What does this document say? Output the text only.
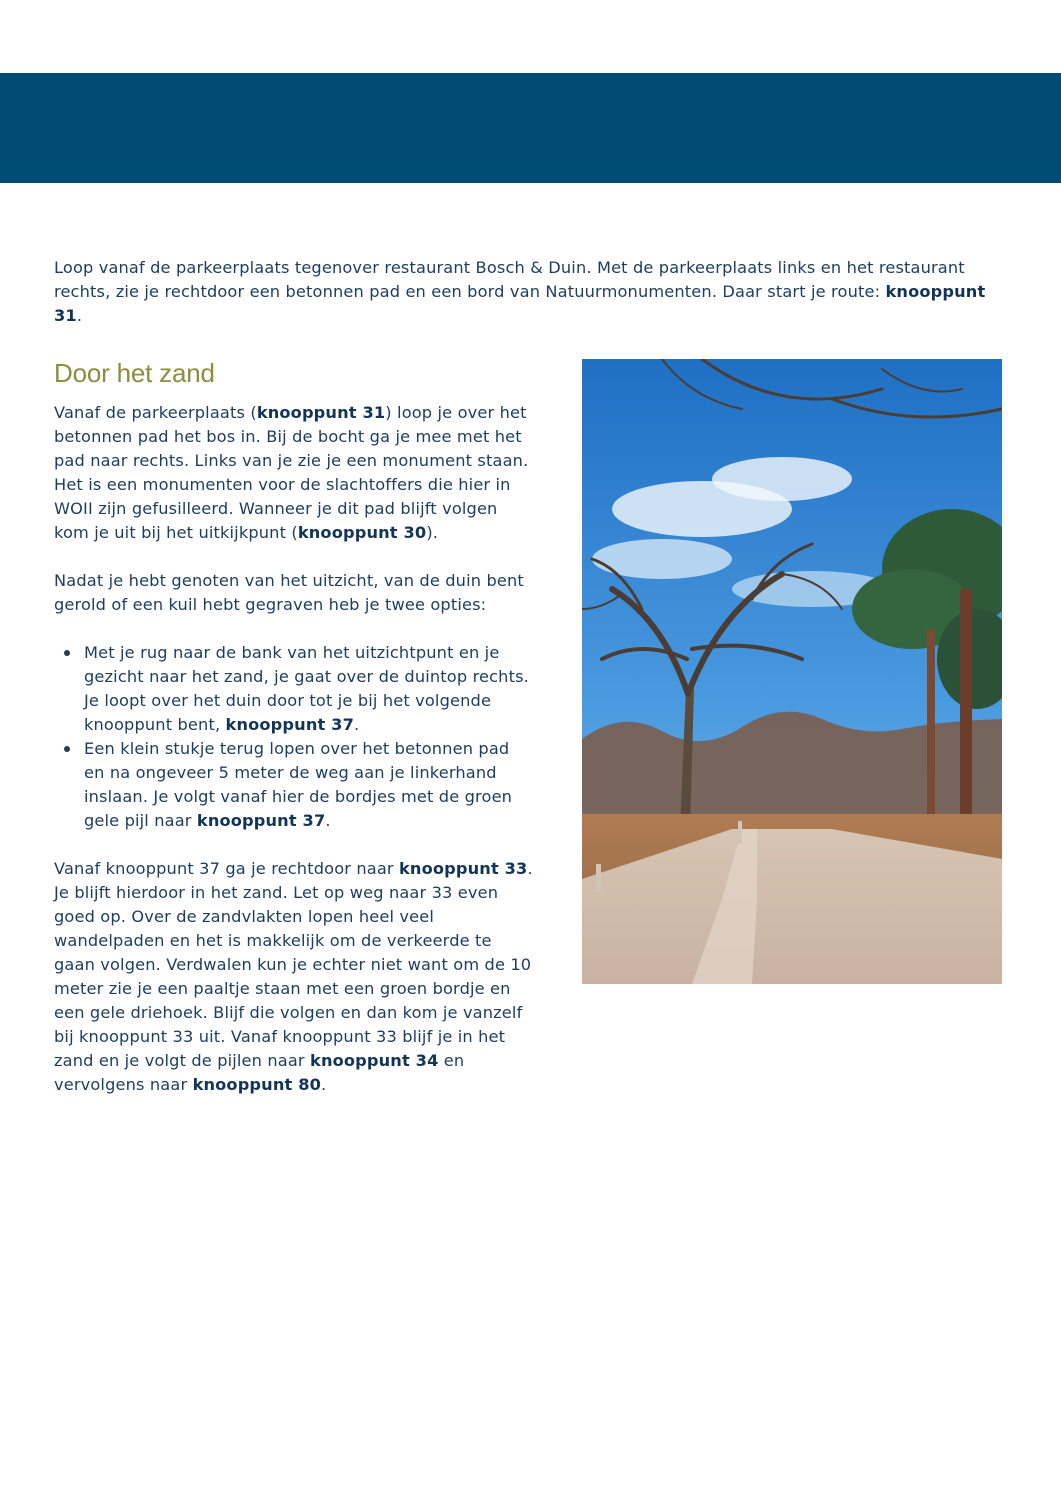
Loop vanaf de parkeerplaats tegenover restaurant Bosch & Duin. Met de parkeerplaats links en het restaurant rechts, zie je rechtdoor een betonnen pad en een bord van Natuurmonumenten. Daar start je route: knooppunt 31.

Door het zand

Vanaf de parkeerplaats (knooppunt 31) loop je over het betonnen pad het bos in. Bij de bocht ga je mee met het pad naar rechts. Links van je zie je een monument staan. Het is een monumenten voor de slachtoffers die hier in WOII zijn gefusilleerd. Wanneer je dit pad blijft volgen kom je uit bij het uitkijkpunt (knooppunt 30).

Nadat je hebt genoten van het uitzicht, van de duin bent gerold of een kuil hebt gegraven heb je twee opties:

Met je rug naar de bank van het uitzichtpunt en je gezicht naar het zand, je gaat over de duintop rechts. Je loopt over het duin door tot je bij het volgende knooppunt bent, knooppunt 37.
Een klein stukje terug lopen over het betonnen pad en na ongeveer 5 meter de weg aan je linkerhand inslaan. Je volgt vanaf hier de bordjes met de groen gele pijl naar knooppunt 37.

Vanaf knooppunt 37 ga je rechtdoor naar knooppunt 33. Je blijft hierdoor in het zand. Let op weg naar 33 even goed op. Over de zandvlakten lopen heel veel wandelpaden en het is makkelijk om de verkeerde te gaan volgen. Verdwalen kun je echter niet want om de 10 meter zie je een paaltje staan met een groen bordje en een gele driehoek. Blijf die volgen en dan kom je vanzelf bij knooppunt 33 uit. Vanaf knooppunt 33 blijf je in het zand en je volgt de pijlen naar knooppunt 34 en vervolgens naar knooppunt 80.
